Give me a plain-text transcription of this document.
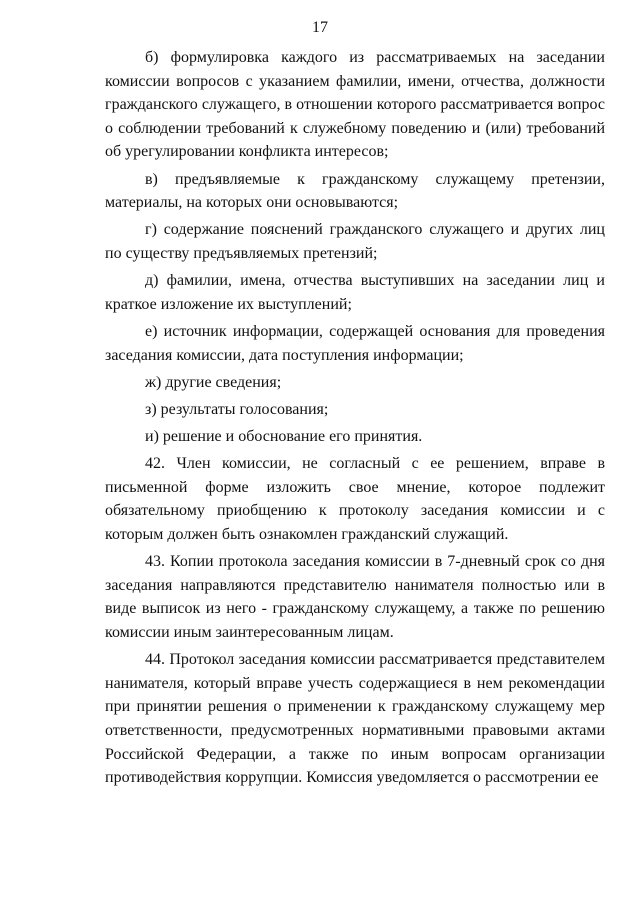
17

б) формулировка каждого из рассматриваемых на заседании комиссии вопросов с указанием фамилии, имени, отчества, должности гражданского служащего, в отношении которого рассматривается вопрос о соблюдении требований к служебному поведению и (или) требований об урегулировании конфликта интересов;

в) предъявляемые к гражданскому служащему претензии, материалы, на которых они основываются;

г) содержание пояснений гражданского служащего и других лиц по существу предъявляемых претензий;

д) фамилии, имена, отчества выступивших на заседании лиц и краткое изложение их выступлений;

е) источник информации, содержащей основания для проведения заседания комиссии, дата поступления информации;

ж) другие сведения;

з) результаты голосования;

и) решение и обоснование его принятия.

42. Член комиссии, не согласный с ее решением, вправе в письменной форме изложить свое мнение, которое подлежит обязательному приобщению к протоколу заседания комиссии и с которым должен быть ознакомлен гражданский служащий.

43. Копии протокола заседания комиссии в 7-дневный срок со дня заседания направляются представителю нанимателя полностью или в виде выписок из него - гражданскому служащему, а также по решению комиссии иным заинтересованным лицам.

44. Протокол заседания комиссии рассматривается представителем нанимателя, который вправе учесть содержащиеся в нем рекомендации при принятии решения о применении к гражданскому служащему мер ответственности, предусмотренных нормативными правовыми актами Российской Федерации, а также по иным вопросам организации противодействия коррупции. Комиссия уведомляется о рассмотрении ее
